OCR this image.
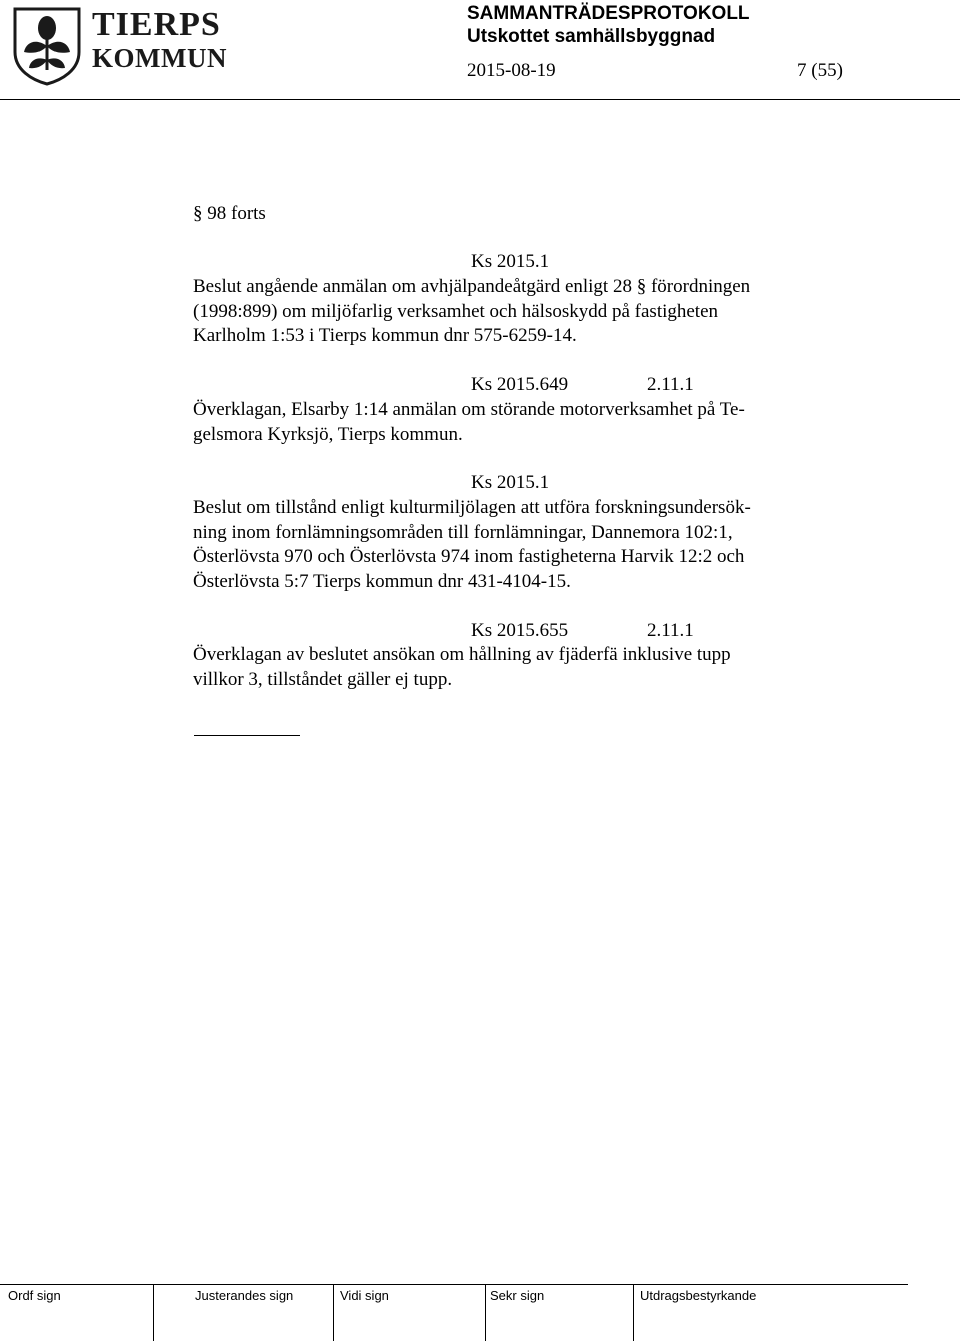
TIERPS
KOMMUN
SAMMANTRÄDESPROTOKOLL
Utskottet samhällsbyggnad
2015-08-19	7 (55)
§ 98 forts
Ks 2015.1
Beslut angående anmälan om avhjälpandeåtgärd enligt 28 § förordningen
(1998:899) om miljöfarlig verksamhet och hälsoskydd på fastigheten
Karlholm 1:53 i Tierps kommun dnr 575-6259-14.
Ks 2015.649	2.11.1
Överklagan, Elsarby 1:14 anmälan om störande motorverksamhet på Te-
gelsmora Kyrksjö, Tierps kommun.
Ks 2015.1
Beslut om tillstånd enligt kulturmiljölagen att utföra forskningsundersök-
ning inom fornlämningsområden till fornlämningar, Dannemora 102:1,
Österlövsta 970 och Österlövsta 974 inom fastigheterna Harvik 12:2 och
Österlövsta 5:7 Tierps kommun dnr 431-4104-15.
Ks 2015.655	2.11.1
Överklagan av beslutet ansökan om hållning av fjäderfä inklusive tupp
villkor 3, tillståndet gäller ej tupp.
Ordf sign	Justerandes sign	Vidi sign	Sekr sign	Utdragsbestyrkande
